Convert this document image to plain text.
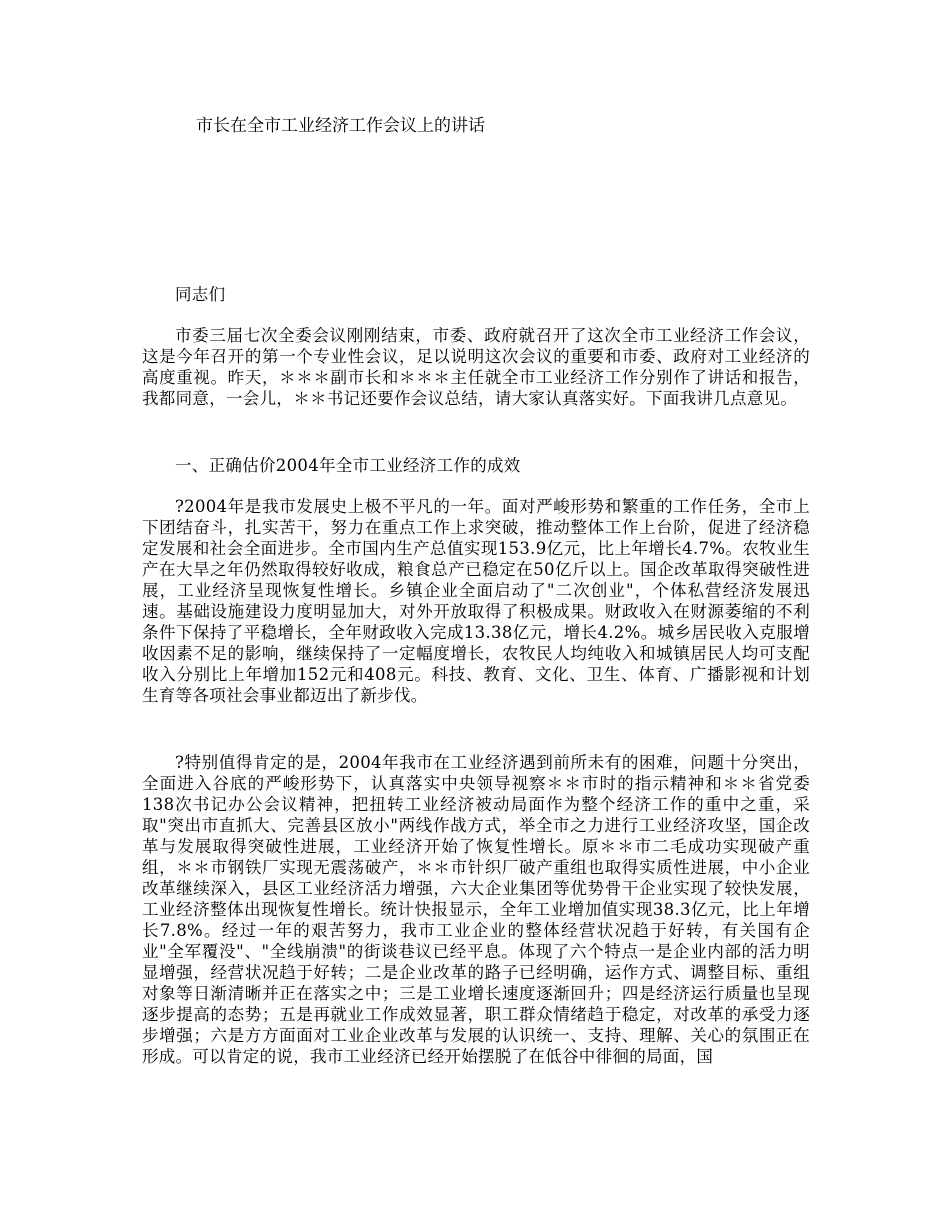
市长在全市工业经济工作会议上的讲话
同志们
市委三届七次全委会议刚刚结束，市委、政府就召开了这次全市工业经济工作会议，这是今年召开的第一个专业性会议，足以说明这次会议的重要和市委、政府对工业经济的高度重视。昨天，＊＊＊副市长和＊＊＊主任就全市工业经济工作分别作了讲话和报告，我都同意，一会儿，＊＊书记还要作会议总结，请大家认真落实好。下面我讲几点意见。
一、正确估价2004年全市工业经济工作的成效
?2004年是我市发展史上极不平凡的一年。面对严峻形势和繁重的工作任务，全市上下团结奋斗，扎实苦干，努力在重点工作上求突破，推动整体工作上台阶，促进了经济稳定发展和社会全面进步。全市国内生产总值实现153.9亿元，比上年增长4.7%。农牧业生产在大旱之年仍然取得较好收成，粮食总产已稳定在50亿斤以上。国企改革取得突破性进展，工业经济呈现恢复性增长。乡镇企业全面启动了"二次创业"，个体私营经济发展迅速。基础设施建设力度明显加大，对外开放取得了积极成果。财政收入在财源萎缩的不利条件下保持了平稳增长，全年财政收入完成13.38亿元，增长4.2%。城乡居民收入克服增收因素不足的影响，继续保持了一定幅度增长，农牧民人均纯收入和城镇居民人均可支配收入分别比上年增加152元和408元。科技、教育、文化、卫生、体育、广播影视和计划生育等各项社会事业都迈出了新步伐。
?特别值得肯定的是，2004年我市在工业经济遇到前所未有的困难，问题十分突出，全面进入谷底的严峻形势下，认真落实中央领导视察＊＊市时的指示精神和＊＊省党委138次书记办公会议精神，把扭转工业经济被动局面作为整个经济工作的重中之重，采取"突出市直抓大、完善县区放小"两线作战方式，举全市之力进行工业经济攻坚，国企改革与发展取得突破性进展，工业经济开始了恢复性增长。原＊＊市二毛成功实现破产重组，＊＊市钢铁厂实现无震荡破产，＊＊市针织厂破产重组也取得实质性进展，中小企业改革继续深入，县区工业经济活力增强，六大企业集团等优势骨干企业实现了较快发展，工业经济整体出现恢复性增长。统计快报显示，全年工业增加值实现38.3亿元，比上年增长7.8%。经过一年的艰苦努力，我市工业企业的整体经营状况趋于好转，有关国有企业"全军覆没"、"全线崩溃"的街谈巷议已经平息。体现了六个特点一是企业内部的活力明显增强，经营状况趋于好转；二是企业改革的路子已经明确，运作方式、调整目标、重组对象等日渐清晰并正在落实之中；三是工业增长速度逐渐回升；四是经济运行质量也呈现逐步提高的态势；五是再就业工作成效显著，职工群众情绪趋于稳定，对改革的承受力逐步增强；六是方方面面对工业企业改革与发展的认识统一、支持、理解、关心的氛围正在形成。可以肯定的说，我市工业经济已经开始摆脱了在低谷中徘徊的局面，国
